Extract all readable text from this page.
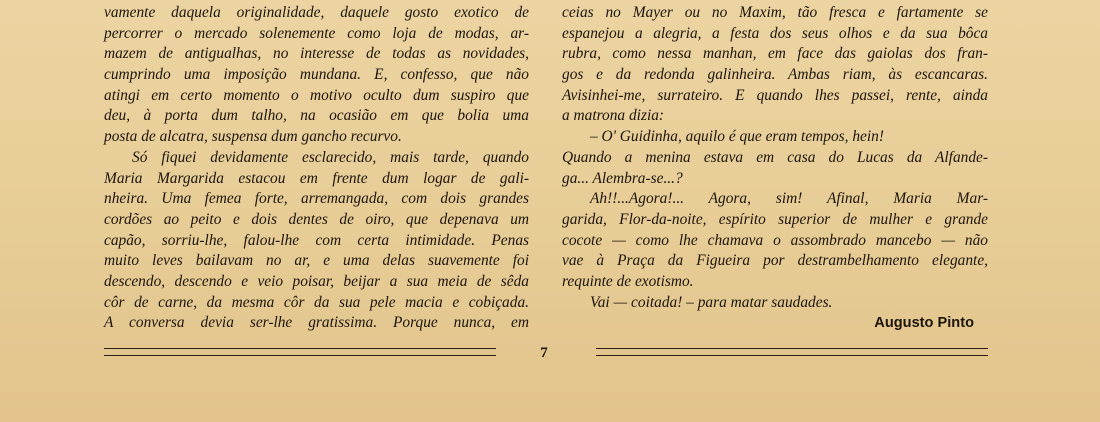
vamente daquela originalidade, daquele gosto exotico de
percorrer o mercado solenemente como loja de modas, ar-
mazem de antigualhas, no interesse de todas as novidades,
cumprindo uma imposição mundana. E, confesso, que não
atingi em certo momento o motivo oculto dum suspiro que
deu, à porta dum talho, na ocasião em que bolia uma
posta de alcatra, suspensa dum gancho recurvo.
Só fiquei devidamente esclarecido, mais tarde, quando
Maria Margarida estacou em frente dum logar de gali-
nheira. Uma femea forte, arremangada, com dois grandes
cordões ao peito e dois dentes de oiro, que depenava um
capão, sorriu-lhe, falou-lhe com certa intimidade. Penas
muito leves bailavam no ar, e uma delas suavemente foi
descendo, descendo e veio poisar, beijar a sua meia de sêda
côr de carne, da mesma côr da sua pele macia e cobiçada.
A conversa devia ser-lhe gratissima. Porque nunca, em
ceias no Mayer ou no Maxim, tão fresca e fartamente se
espanejou a alegria, a festa dos seus olhos e da sua bôca
rubra, como nessa manhan, em face das gaiolas dos fran-
gos e da redonda galinheira. Ambas riam, às escancaras.
Avisinhei-me, surrateiro. E quando lhes passei, rente, ainda
a matrona dizia:
– O' Guidinha, aquilo é que eram tempos, hein!
Quando a menina estava em casa do Lucas da Alfande-
ga... Alembra-se...?
Ah!!...Agora!... Agora, sim! Afinal, Maria Mar-
garida, Flor-da-noite, espírito superior de mulher e grande
cocote — como lhe chamava o assombrado mancebo — não
vae à Praça da Figueira por destrambelhamento elegante,
requinte de exotismo.
Vai — coitada! – para matar saudades.
Augusto Pinto
7
